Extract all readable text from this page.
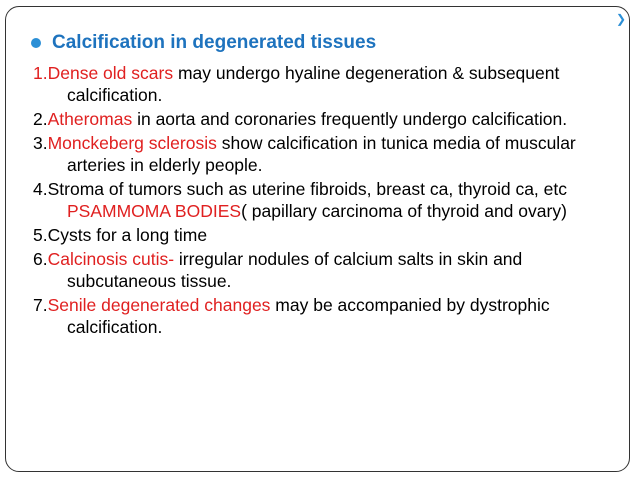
❯
Calcification in degenerated tissues
1.Dense old scars may undergo hyaline degeneration & subsequent calcification.
2.Atheromas in aorta and coronaries frequently undergo calcification.
3.Monckeberg sclerosis show calcification in tunica media of muscular arteries in elderly people.
4.Stroma of tumors such as uterine fibroids, breast ca, thyroid ca, etc PSAMMOMA BODIES( papillary carcinoma of thyroid and ovary)
5.Cysts for a long time
6.Calcinosis cutis- irregular nodules of calcium salts in skin and subcutaneous tissue.
7.Senile degenerated changes may be accompanied by dystrophic calcification.
